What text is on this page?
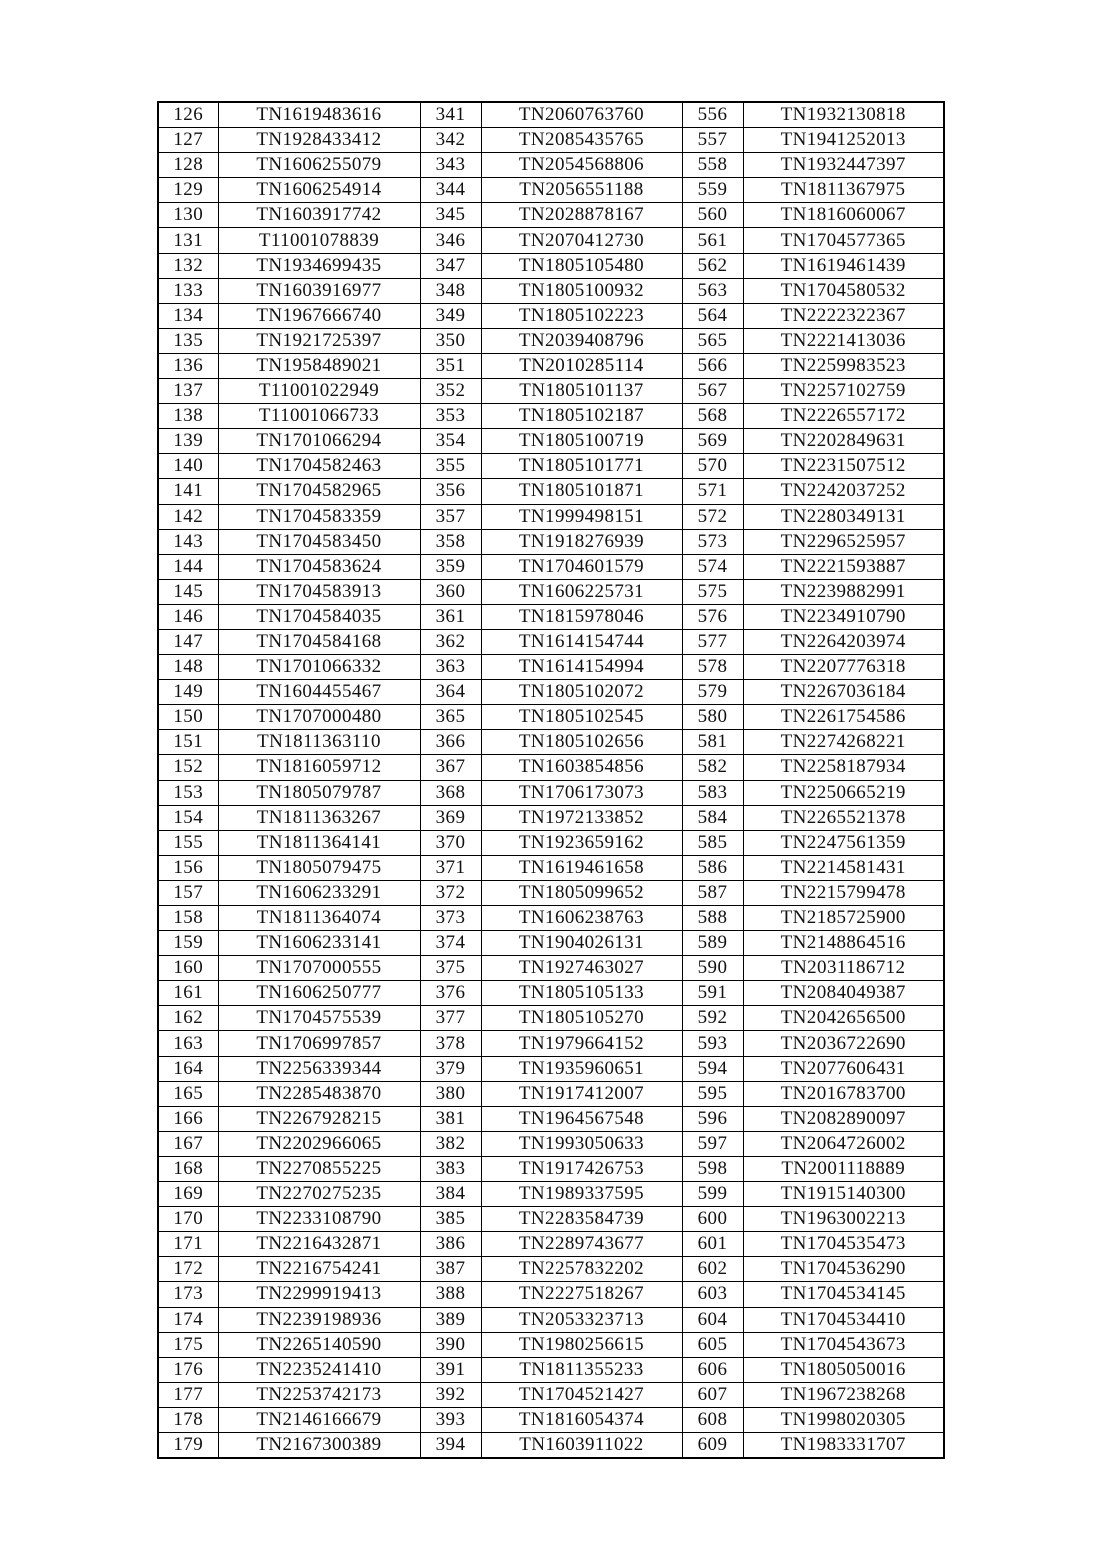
126	TN1619483616	341	TN2060763760	556	TN1932130818
127	TN1928433412	342	TN2085435765	557	TN1941252013
128	TN1606255079	343	TN2054568806	558	TN1932447397
129	TN1606254914	344	TN2056551188	559	TN1811367975
130	TN1603917742	345	TN2028878167	560	TN1816060067
131	T11001078839	346	TN2070412730	561	TN1704577365
132	TN1934699435	347	TN1805105480	562	TN1619461439
133	TN1603916977	348	TN1805100932	563	TN1704580532
134	TN1967666740	349	TN1805102223	564	TN2222322367
135	TN1921725397	350	TN2039408796	565	TN2221413036
136	TN1958489021	351	TN2010285114	566	TN2259983523
137	T11001022949	352	TN1805101137	567	TN2257102759
138	T11001066733	353	TN1805102187	568	TN2226557172
139	TN1701066294	354	TN1805100719	569	TN2202849631
140	TN1704582463	355	TN1805101771	570	TN2231507512
141	TN1704582965	356	TN1805101871	571	TN2242037252
142	TN1704583359	357	TN1999498151	572	TN2280349131
143	TN1704583450	358	TN1918276939	573	TN2296525957
144	TN1704583624	359	TN1704601579	574	TN2221593887
145	TN1704583913	360	TN1606225731	575	TN2239882991
146	TN1704584035	361	TN1815978046	576	TN2234910790
147	TN1704584168	362	TN1614154744	577	TN2264203974
148	TN1701066332	363	TN1614154994	578	TN2207776318
149	TN1604455467	364	TN1805102072	579	TN2267036184
150	TN1707000480	365	TN1805102545	580	TN2261754586
151	TN1811363110	366	TN1805102656	581	TN2274268221
152	TN1816059712	367	TN1603854856	582	TN2258187934
153	TN1805079787	368	TN1706173073	583	TN2250665219
154	TN1811363267	369	TN1972133852	584	TN2265521378
155	TN1811364141	370	TN1923659162	585	TN2247561359
156	TN1805079475	371	TN1619461658	586	TN2214581431
157	TN1606233291	372	TN1805099652	587	TN2215799478
158	TN1811364074	373	TN1606238763	588	TN2185725900
159	TN1606233141	374	TN1904026131	589	TN2148864516
160	TN1707000555	375	TN1927463027	590	TN2031186712
161	TN1606250777	376	TN1805105133	591	TN2084049387
162	TN1704575539	377	TN1805105270	592	TN2042656500
163	TN1706997857	378	TN1979664152	593	TN2036722690
164	TN2256339344	379	TN1935960651	594	TN2077606431
165	TN2285483870	380	TN1917412007	595	TN2016783700
166	TN2267928215	381	TN1964567548	596	TN2082890097
167	TN2202966065	382	TN1993050633	597	TN2064726002
168	TN2270855225	383	TN1917426753	598	TN2001118889
169	TN2270275235	384	TN1989337595	599	TN1915140300
170	TN2233108790	385	TN2283584739	600	TN1963002213
171	TN2216432871	386	TN2289743677	601	TN1704535473
172	TN2216754241	387	TN2257832202	602	TN1704536290
173	TN2299919413	388	TN2227518267	603	TN1704534145
174	TN2239198936	389	TN2053323713	604	TN1704534410
175	TN2265140590	390	TN1980256615	605	TN1704543673
176	TN2235241410	391	TN1811355233	606	TN1805050016
177	TN2253742173	392	TN1704521427	607	TN1967238268
178	TN2146166679	393	TN1816054374	608	TN1998020305
179	TN2167300389	394	TN1603911022	609	TN1983331707
